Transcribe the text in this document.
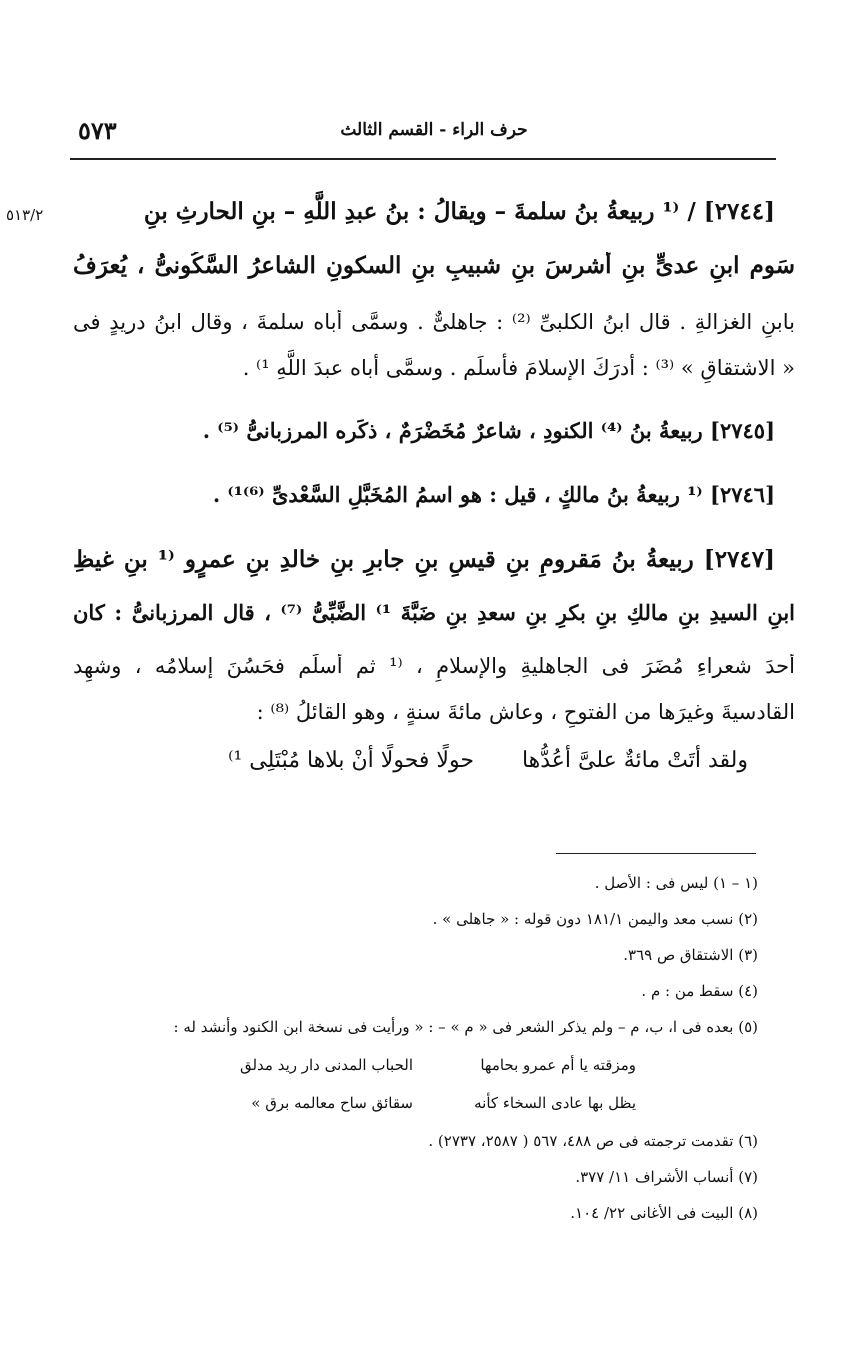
٥٧٣	حرف الراء - القسم الثالث
٥١٣/٢	[٢٧٤٤] / ⁽¹ ربيعةُ بنُ سلمةَ – ويقالُ : بنُ عبدِ اللَّهِ – بنِ الحارثِ بنِ
سَوم ابنِ عدىٍّ بنِ أشرسَ بنِ شبيبِ بنِ السكونِ الشاعرُ السَّكُونىُّ ، يُعرَفُ
بابنِ الغزالةِ . قال ابنُ الكلبىِّ ⁽²⁾ : جاهلىٌّ . وسمَّى أباه سلمةَ ، وقال ابنُ دريدٍ فى
« الاشتقاقِ » ⁽³⁾ : أدرَكَ الإسلامَ فأسلَم . وسمَّى أباه عبدَ اللَّهِ ¹⁾ .
[٢٧٤٥] ربيعةُ بنُ ⁽⁴⁾ الكنودِ ، شاعرٌ مُخَضْرَمٌ ، ذكَره المرزبانىُّ ⁽⁵⁾ .
[٢٧٤٦] ⁽¹ ربيعةُ بنُ مالكٍ ، قيل : هو اسمُ المُخَبَّلِ السَّعْدىِّ ⁽⁶⁾¹⁾ .
[٢٧٤٧] ربيعةُ بنُ مَقرومِ بنِ قيسِ بنِ جابرِ بنِ خالدِ بنِ عمرٍو ⁽¹ بنِ غيظِ
ابنِ السيدِ بنِ مالكِ بنِ بكرِ بنِ سعدِ بنِ ضَبَّةَ ¹⁾ الضَّبِّىُّ ⁽⁷⁾ ، قال المرزبانىُّ : كان
أحدَ شعراءِ مُضَرَ فى الجاهليةِ والإسلامِ ، ⁽¹ ثم أسلَم فحَسُنَ إسلامُه ، وشهِد
القادسيةَ وغيرَها من الفتوحِ ، وعاش مائةَ سنةٍ ، وهو القائلُ ⁽⁸⁾ :
ولقد أتَتْ مائةٌ علىَّ أعُدُّهاحولًا فحولًا أنْ بلاها مُبْتَلِى ¹⁾
(١ – ١) ليس فى : الأصل .
(٢) نسب معد واليمن ١٨١/١ دون قوله : « جاهلى » .
(٣) الاشتقاق ص ٣٦٩.
(٤) سقط من : م .
(٥) بعده فى ا، ب، م – ولم يذكر الشعر فى « م » – : « ورأيت فى نسخة ابن الكنود وأنشد له :
ومزقته يا أم عمرو بحامها
الحباب المدنى دار ريد مدلق
يظل بها عادى السخاء كأنه
سقائق ساح معالمه برق »
(٦) تقدمت ترجمته فى ص ٤٨٨، ٥٦٧ ( ٢٥٨٧، ٢٧٣٧) .
(٧) أنساب الأشراف ١١/ ٣٧٧.
(٨) البيت فى الأغانى ٢٢/ ١٠٤.
